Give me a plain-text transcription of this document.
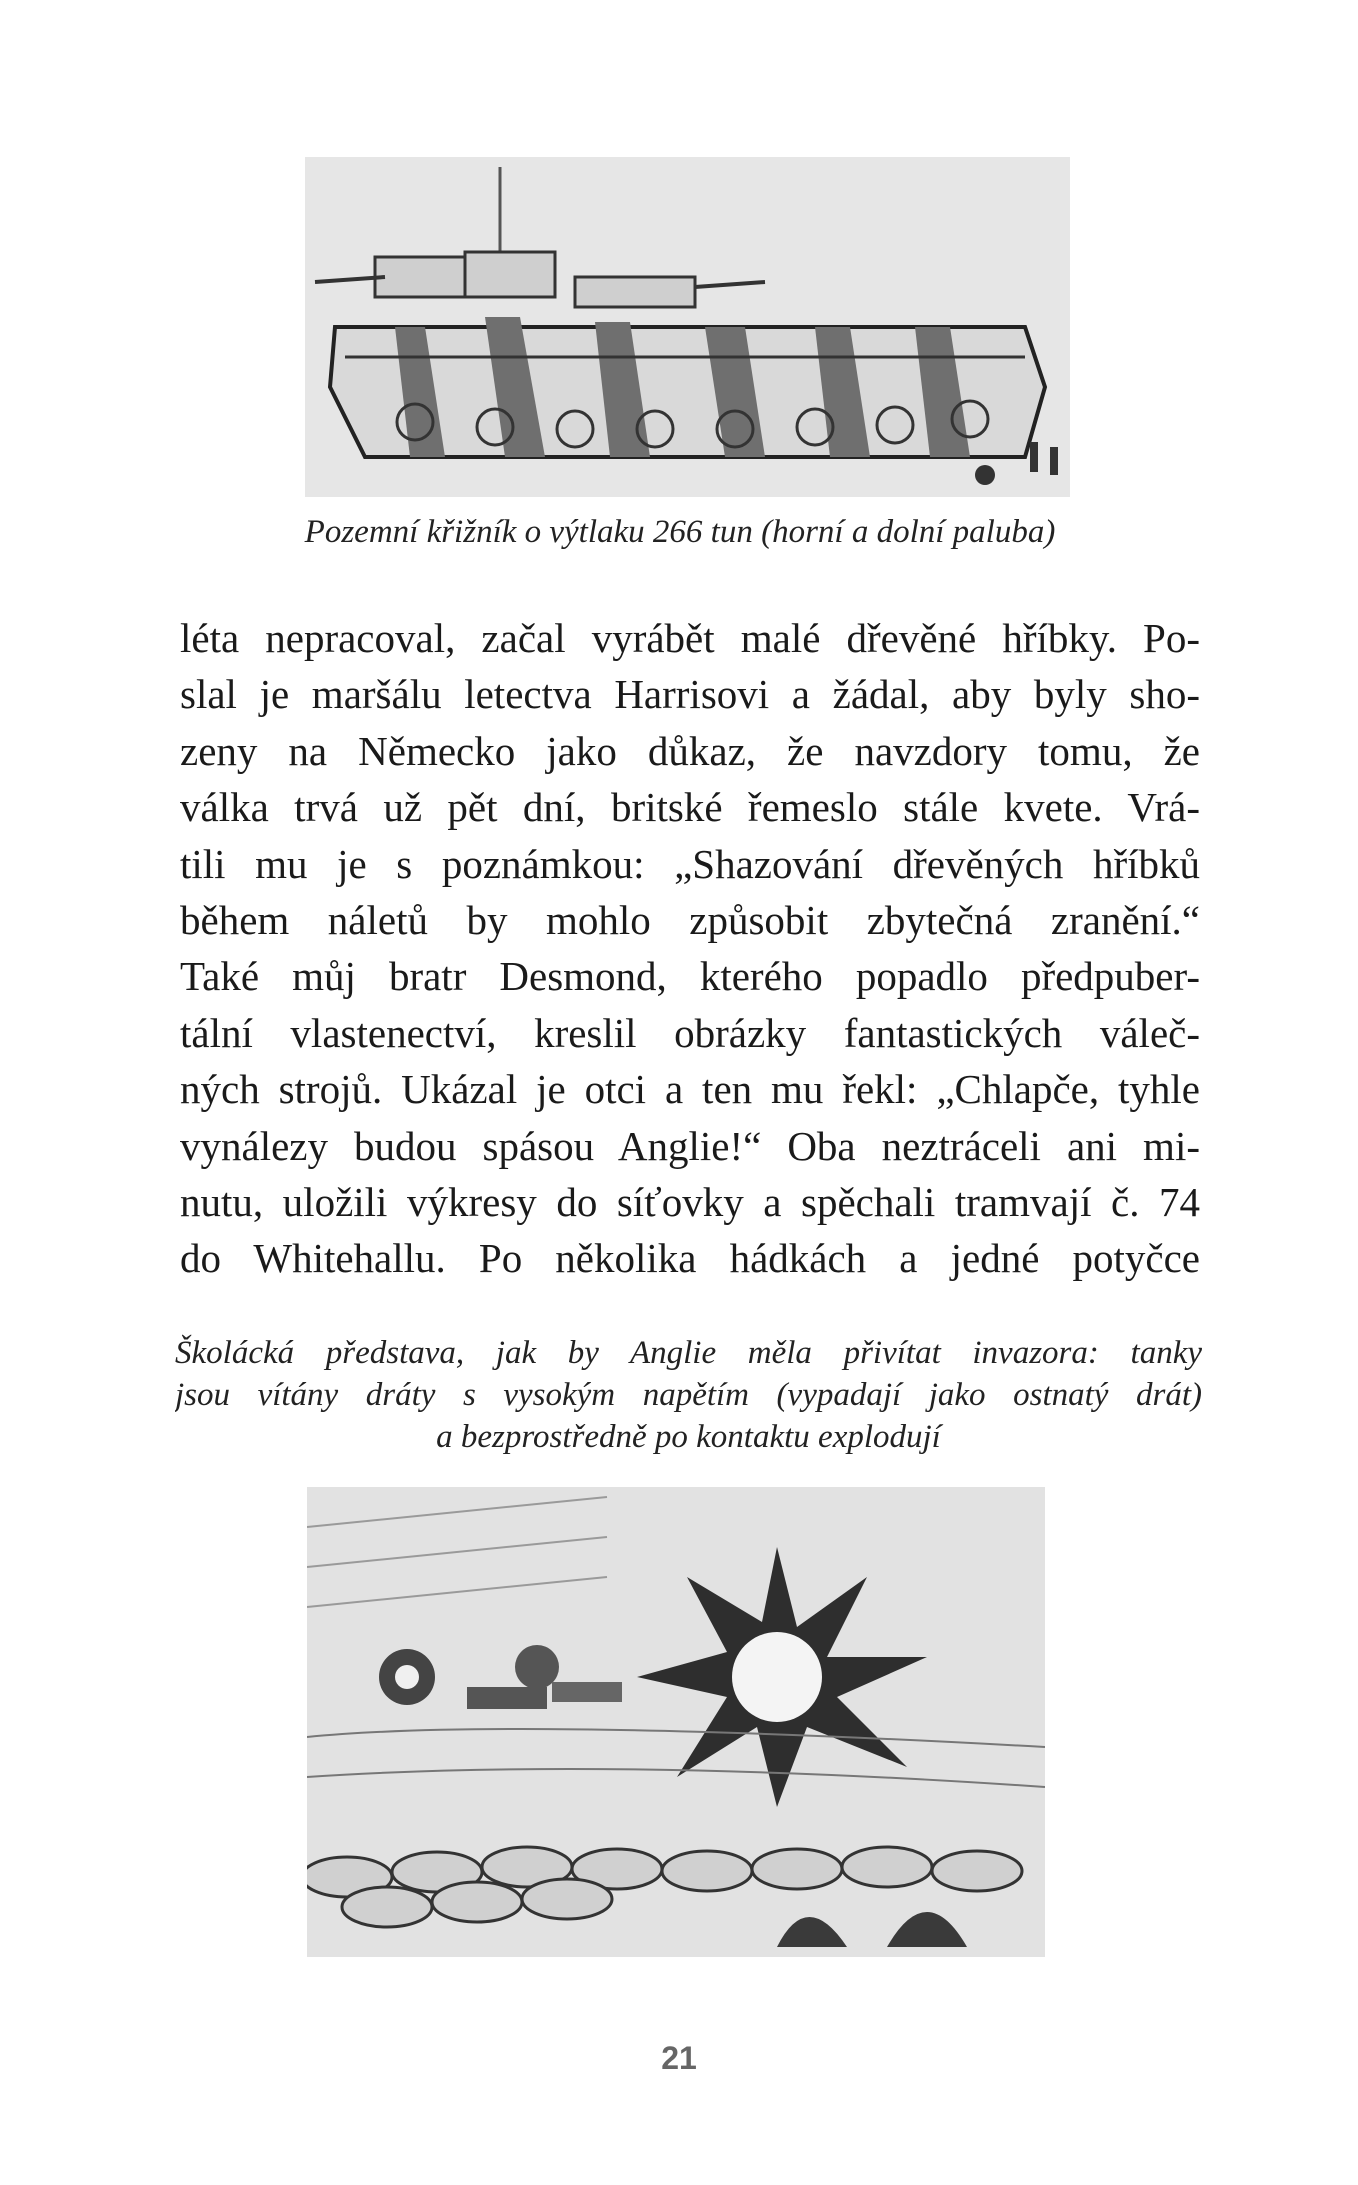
Pozemní křižník o výtlaku 266 tun (horní a dolní paluba)
léta nepracoval, začal vyrábět malé dřevěné hříbky. Po-
slal je maršálu letectva Harrisovi a žádal, aby byly sho-
zeny na Německo jako důkaz, že navzdory tomu, že
válka trvá už pět dní, britské řemeslo stále kvete. Vrá-
tili mu je s poznámkou: „Shazování dřevěných hříbků
během náletů by mohlo způsobit zbytečná zranění.“
Také můj bratr Desmond, kterého popadlo předpuber-
tální vlastenectví, kreslil obrázky fantastických váleč-
ných strojů. Ukázal je otci a ten mu řekl: „Chlapče, tyhle
vynálezy budou spásou Anglie!“ Oba neztráceli ani mi-
nutu, uložili výkresy do síťovky a spěchali tramvají č. 74
do Whitehallu. Po několika hádkách a jedné potyčce
Školácká představa, jak by Anglie měla přivítat invazora: tanky
jsou vítány dráty s vysokým napětím (vypadají jako ostnatý drát)
a bezprostředně po kontaktu explodují
21
